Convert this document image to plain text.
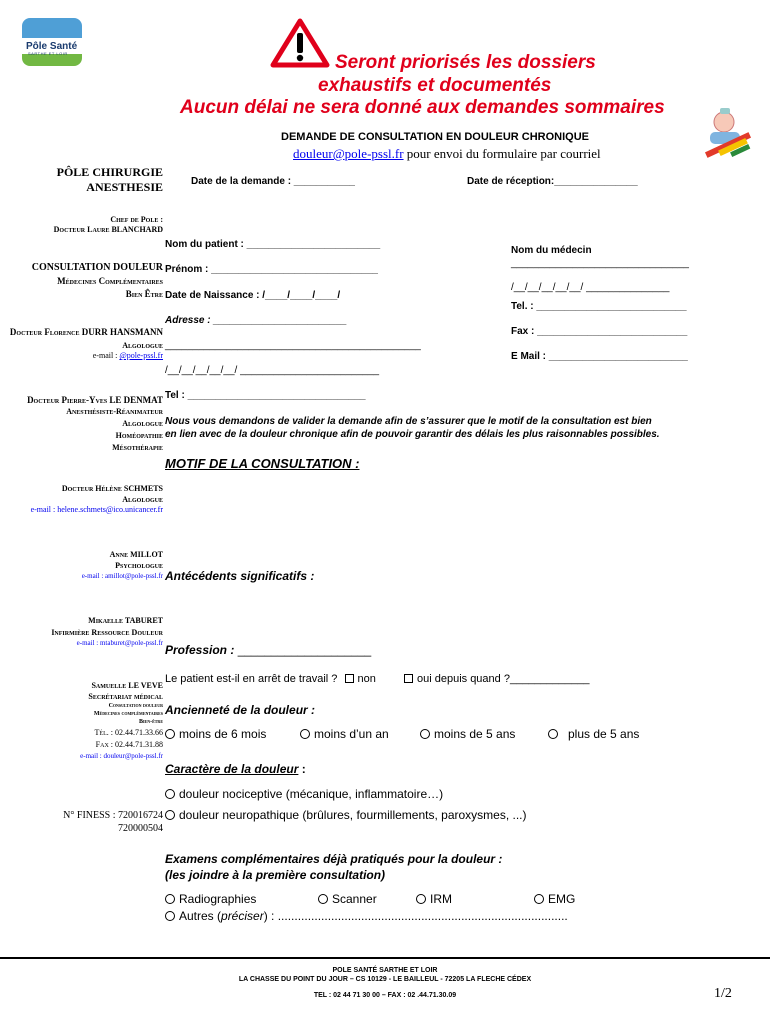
Pôle Santé
SARTHE ET LOIR	Seront priorisés les dossiers
exhaustifs et documentés
Aucun délai ne sera donné aux demandes sommaires
DEMANDE DE CONSULTATION EN DOULEUR CHRONIQUE
douleur@pole-pssl.fr pour envoi du formulaire par courriel
PÔLE CHIRURGIE
ANESTHESIE
Chef de Pole :
Docteur Laure BLANCHARD
CONSULTATION DOULEUR
Médecines Complémentaires
Bien Être
Docteur Florence DURR HANSMANN
Algologue
e-mail : @pole-pssl.fr
Docteur Pierre-Yves LE DENMAT
Anesthésiste-Réanimateur
Algologue
Homéopathie
Mésothérapie
Docteur Hélène SCHMETS
Algologue
e-mail : helene.schmets@ico.unicancer.fr
Anne MILLOT
Psychologue
e-mail : amillot@pole-pssl.fr
Mikaelle TABURET
Infirmière Ressource Douleur
e-mail : mtaburet@pole-pssl.fr
Samuelle LE VEVE
Secrétariat médical
Consultation douleur
Médecines complémentaires
Bien-être
Tél. : 02.44.71.33.66
Fax : 02.44.71.31.88
e-mail : douleur@pole-pssl.fr
N° FINESS : 720016724
720000504
Date de la demande : ___________	Date de réception:_______________
Nom du patient : ________________________
Prénom : ______________________________
Date de Naissance : /____/____/____/
Adresse : ________________________
______________________________________________
/__/__/__/__/__/ _________________________
Tel : ________________________________
Nom du médecin
________________________________
/__/__/__/__/__/ _______________
Tel. : ___________________________
Fax : ___________________________
E Mail : _________________________
Nous vous demandons de valider la demande afin de s’assurer que le motif de la consultation est bien
en lien avec de la douleur chronique afin de pouvoir garantir des délais les plus raisonnables possibles.
MOTIF DE LA CONSULTATION :
Antécédents significatifs :
Profession : ____________________
Le patient est-il en arrêt de travail ? non	oui depuis quand ?_____________
Ancienneté de la douleur :
moins de 6 mois	moins d’un an	moins de 5 ans	plus de 5 ans
Caractère de la douleur :
douleur nociceptive (mécanique, inflammatoire…)
douleur neuropathique (brûlures, fourmillements, paroxysmes, ...)
Examens complémentaires déjà pratiqués pour la douleur :
(les joindre à la première consultation)
Radiographies	Scanner	IRM	EMG
Autres (préciser) : .......................................................................................
POLE SANTÉ SARTHE ET LOIR
LA CHASSE DU POINT DU JOUR – CS 10129 - LE BAILLEUL - 72205 LA FLECHE CÉDEX
TEL : 02 44 71 30 00 – FAX : 02 .44.71.30.09	1/2
